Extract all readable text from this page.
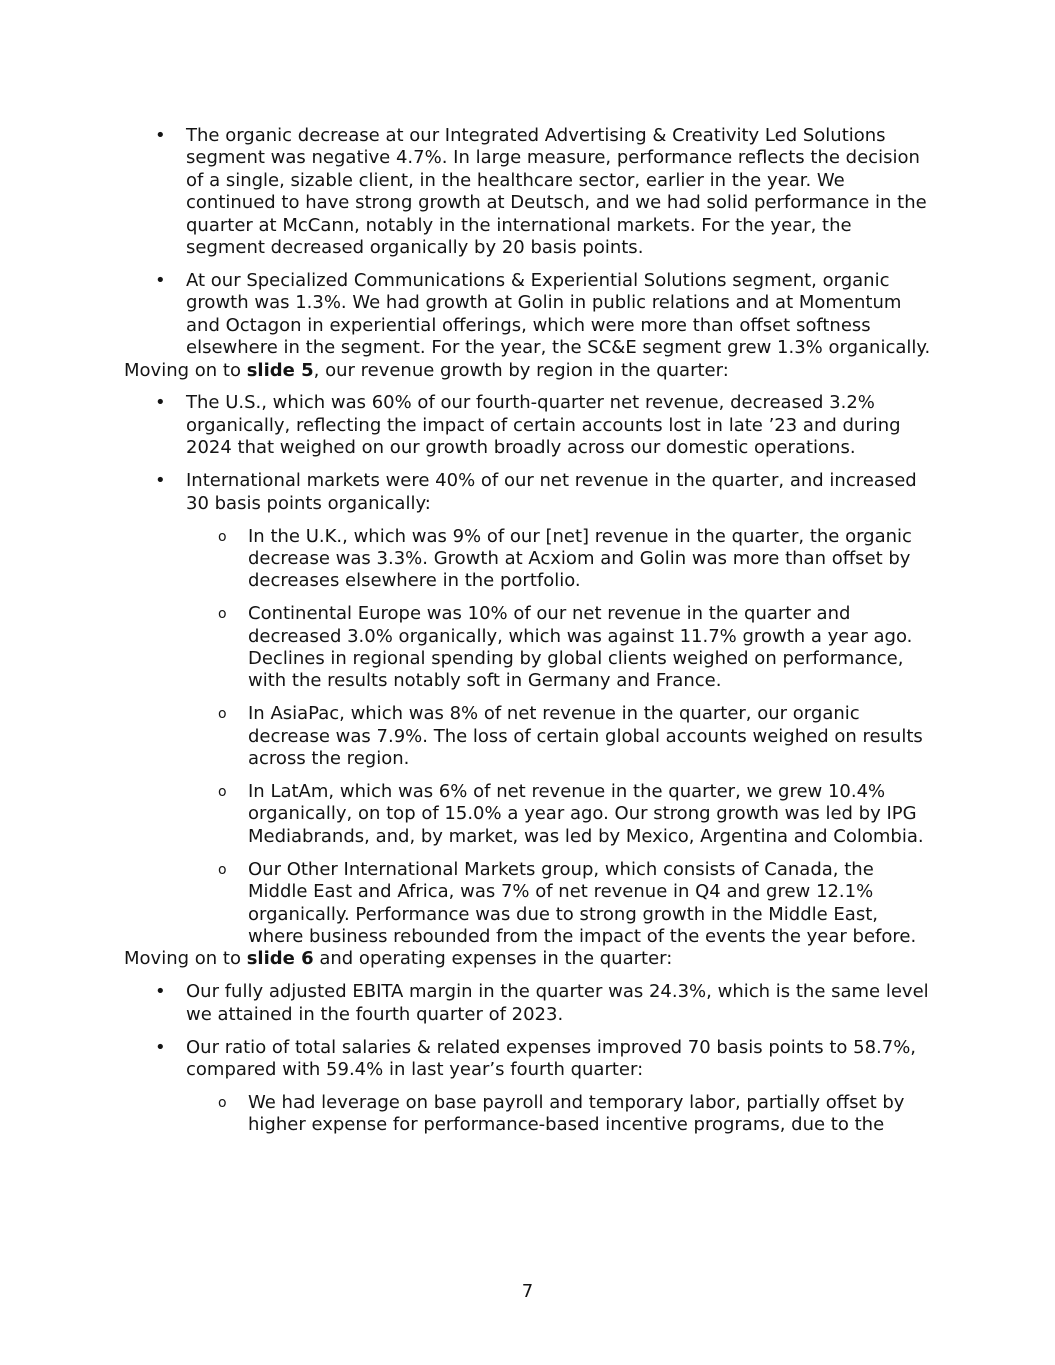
• The organic decrease at our Integrated Advertising & Creativity Led Solutions segment was negative 4.7%. In large measure, performance reflects the decision of a single, sizable client, in the healthcare sector, earlier in the year. We continued to have strong growth at Deutsch, and we had solid performance in the quarter at McCann, notably in the international markets. For the year, the segment decreased organically by 20 basis points.
• At our Specialized Communications & Experiential Solutions segment, organic growth was 1.3%. We had growth at Golin in public relations and at Momentum and Octagon in experiential offerings, which were more than offset softness elsewhere in the segment. For the year, the SC&E segment grew 1.3% organically.

Moving on to slide 5, our revenue growth by region in the quarter:

• The U.S., which was 60% of our fourth-quarter net revenue, decreased 3.2% organically, reflecting the impact of certain accounts lost in late ’23 and during 2024 that weighed on our growth broadly across our domestic operations.
• International markets were 40% of our net revenue in the quarter, and increased 30 basis points organically:
o In the U.K., which was 9% of our [net] revenue in the quarter, the organic decrease was 3.3%. Growth at Acxiom and Golin was more than offset by decreases elsewhere in the portfolio.
o Continental Europe was 10% of our net revenue in the quarter and decreased 3.0% organically, which was against 11.7% growth a year ago. Declines in regional spending by global clients weighed on performance, with the results notably soft in Germany and France.
o In AsiaPac, which was 8% of net revenue in the quarter, our organic decrease was 7.9%. The loss of certain global accounts weighed on results across the region.
o In LatAm, which was 6% of net revenue in the quarter, we grew 10.4% organically, on top of 15.0% a year ago. Our strong growth was led by IPG Mediabrands, and, by market, was led by Mexico, Argentina and Colombia.
o Our Other International Markets group, which consists of Canada, the Middle East and Africa, was 7% of net revenue in Q4 and grew 12.1% organically. Performance was due to strong growth in the Middle East, where business rebounded from the impact of the events the year before.

Moving on to slide 6 and operating expenses in the quarter:

• Our fully adjusted EBITA margin in the quarter was 24.3%, which is the same level we attained in the fourth quarter of 2023.
• Our ratio of total salaries & related expenses improved 70 basis points to 58.7%, compared with 59.4% in last year’s fourth quarter:
o We had leverage on base payroll and temporary labor, partially offset by higher expense for performance-based incentive programs, due to the
7
